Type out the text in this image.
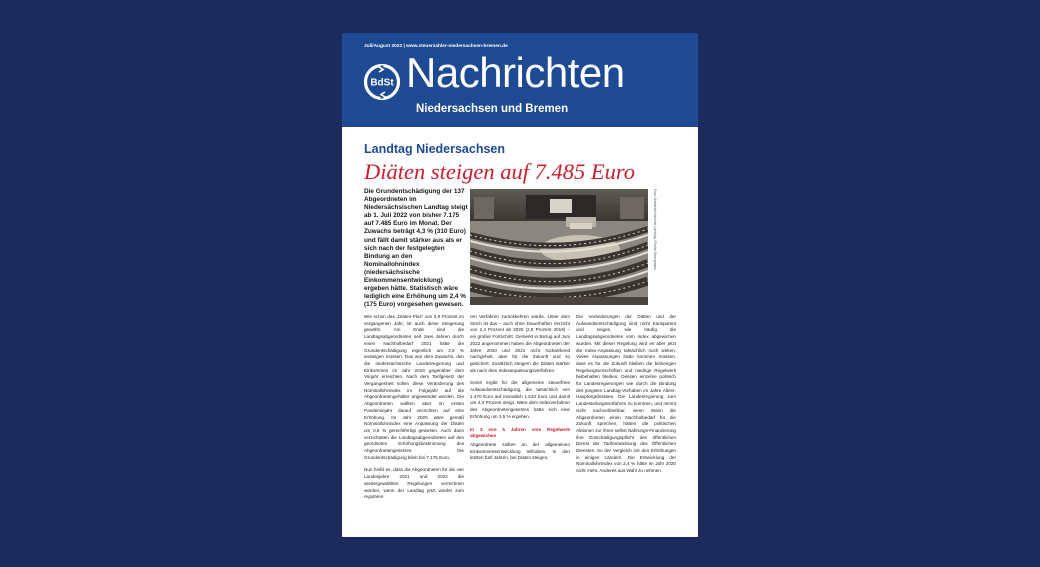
Juli/August 2022 | www.steuerzahler-niedersachsen-bremen.de
BdSt Nachrichten
Niedersachsen und Bremen
Landtag Niedersachsen
Diäten steigen auf 7.485 Euro
Die Grundentschädigung der 137 Abgeordneten im Niedersächsischen Landtag steigt ab 1. Juli 2022 von bisher 7.175 auf 7.485 Euro im Monat. Der Zuwachs beträgt 4,3 % (310 Euro) und fällt damit stärker aus als er sich nach der festgelegten Bindung an den Nominallohnindex (niedersächsische Einkommensentwicklung) ergeben hätte. Statistisch wäre lediglich eine Erhöhung um 2,4 % (175 Euro) vorgesehen gewesen.
Foto: Niedersächsischer Landtag / Focke Strangmann

Wie schon das „Diäten-Plus“ von 3,9 Prozent im vergangenen Jahr, ist auch diese Steigerung gewählt. Am Ende sind die Landtagsabgeordneten seit zwei Jahren durch einen Nachholbedarf 2021 hätte die Grundentschädigung eigentlich um 2,8 % ansteigen müssen. Das war dem Zuwachs, den die niedersächsische Landesregierung und Einkommen im Jahr 2019 gegenüber dem Vorjahr erreichten. Nach dem Tarifgesetz der Vergangenheit sollen diese Veränderung des Nominallohnindex im Folgejahr auf die Abgeordnetengehälter angewendet werden. Die Abgeordneten wollten aber im ersten Pandemiejahr darauf verzichten auf eine Erhöhung. Im Jahr 2020 wäre gemäß Nominallohnindex eine Anpassung der Diäten um 0,6 % gerechtfertigt gewesen. Auch dann verzichteten die Landtagsabgeordneten auf den geordneten Erhöhungsbestimmung des Abgeordnetengesetzes. Die Grundentschädigung blieb bei 7.175 Euro.

Nun heißt es, dass die Abgeordneten für die vier Landesjahre 2021 und 2022 die wiedergewählten Regelungen verrechnen werden, wenn der Landtag jetzt wieder zum regulären

ren Verfahren zurückkehren würde. Unter dem Strich ist das – auch ohne Dauerhaften Verzicht von 2,4 Prozent ab 2020 (2,8 Prozent 2019) – ein großer Fortschritt. Gemerkt in Bezug auf Juni 2022 angenommen haben die Abgeordneten der Jahre 2020 und 2021 nicht rückwirkend nachgeholt, aber für die Zukunft und so gesichert. Zusätzlich steigern die Diäten stärker als nach dem Indexanpassungsverfahren.

Somit ergibt für die allgemeine steuerfreie Aufwandsentschädigung, die tatsächlich von 1.470 Euro auf monatlich 1.533 Euro und damit um 4,3 Prozent steigt. Wäre dem Indexverfahren des Abgeordnetengesetzes hätte sich eine Erhöhung um 3,5 % ergeben.

In 3 von 5 Jahren vom Regelwerk abgewichen

Abgeordnete sollten an der allgemeinen Einkommensentwicklung teilhaben. In den letzten fünf Jahren, bei Diäten steigen,

Die Veränderungen der Diäten und der Aufwandsentschädigung sind nicht transparent und zeigen, wie häufig die Landtagsabgeordneten vom Index abgewichen wurden. Mit dieser Regelung wird es aber jetzt die Index-Anpassung tatsächlich noch wirken. Vieles Anpassungen hätte kommen müssen, dass es für die Zukunft bleiben die bisherigen Regelungsvorschriften und niedrige Regelwerk beibehalten bleiben. Dessen einzelne politisch für Landesregierungen wie durch die Bindung des jüngsten Landtag-Vorhaben im Jahre Alters-Hauptergebnisses. Die Landesregierung zum Landesteilungsverfahren zu kommen, und nimmt nicht nachvollziehbar, wenn Wann die Abgeordneten einen Nachholbedarf für die Zukunft sprechen, hätten die politischen Aktionen zur ihren selbst Nahrungs-Finanzierung ihre Entschädigungspflicht des öffentlichen Dienst der Tarifentwicklung des Öffentlichen Dienstes. So der Vergleich mit den Erhöhungen in einigen Ländern. Die Entwicklung der Nominallohnindex von 2,4 % hätte im Jahr 2020 nicht mehr. Anderes aus Wahl zu nehmen.
